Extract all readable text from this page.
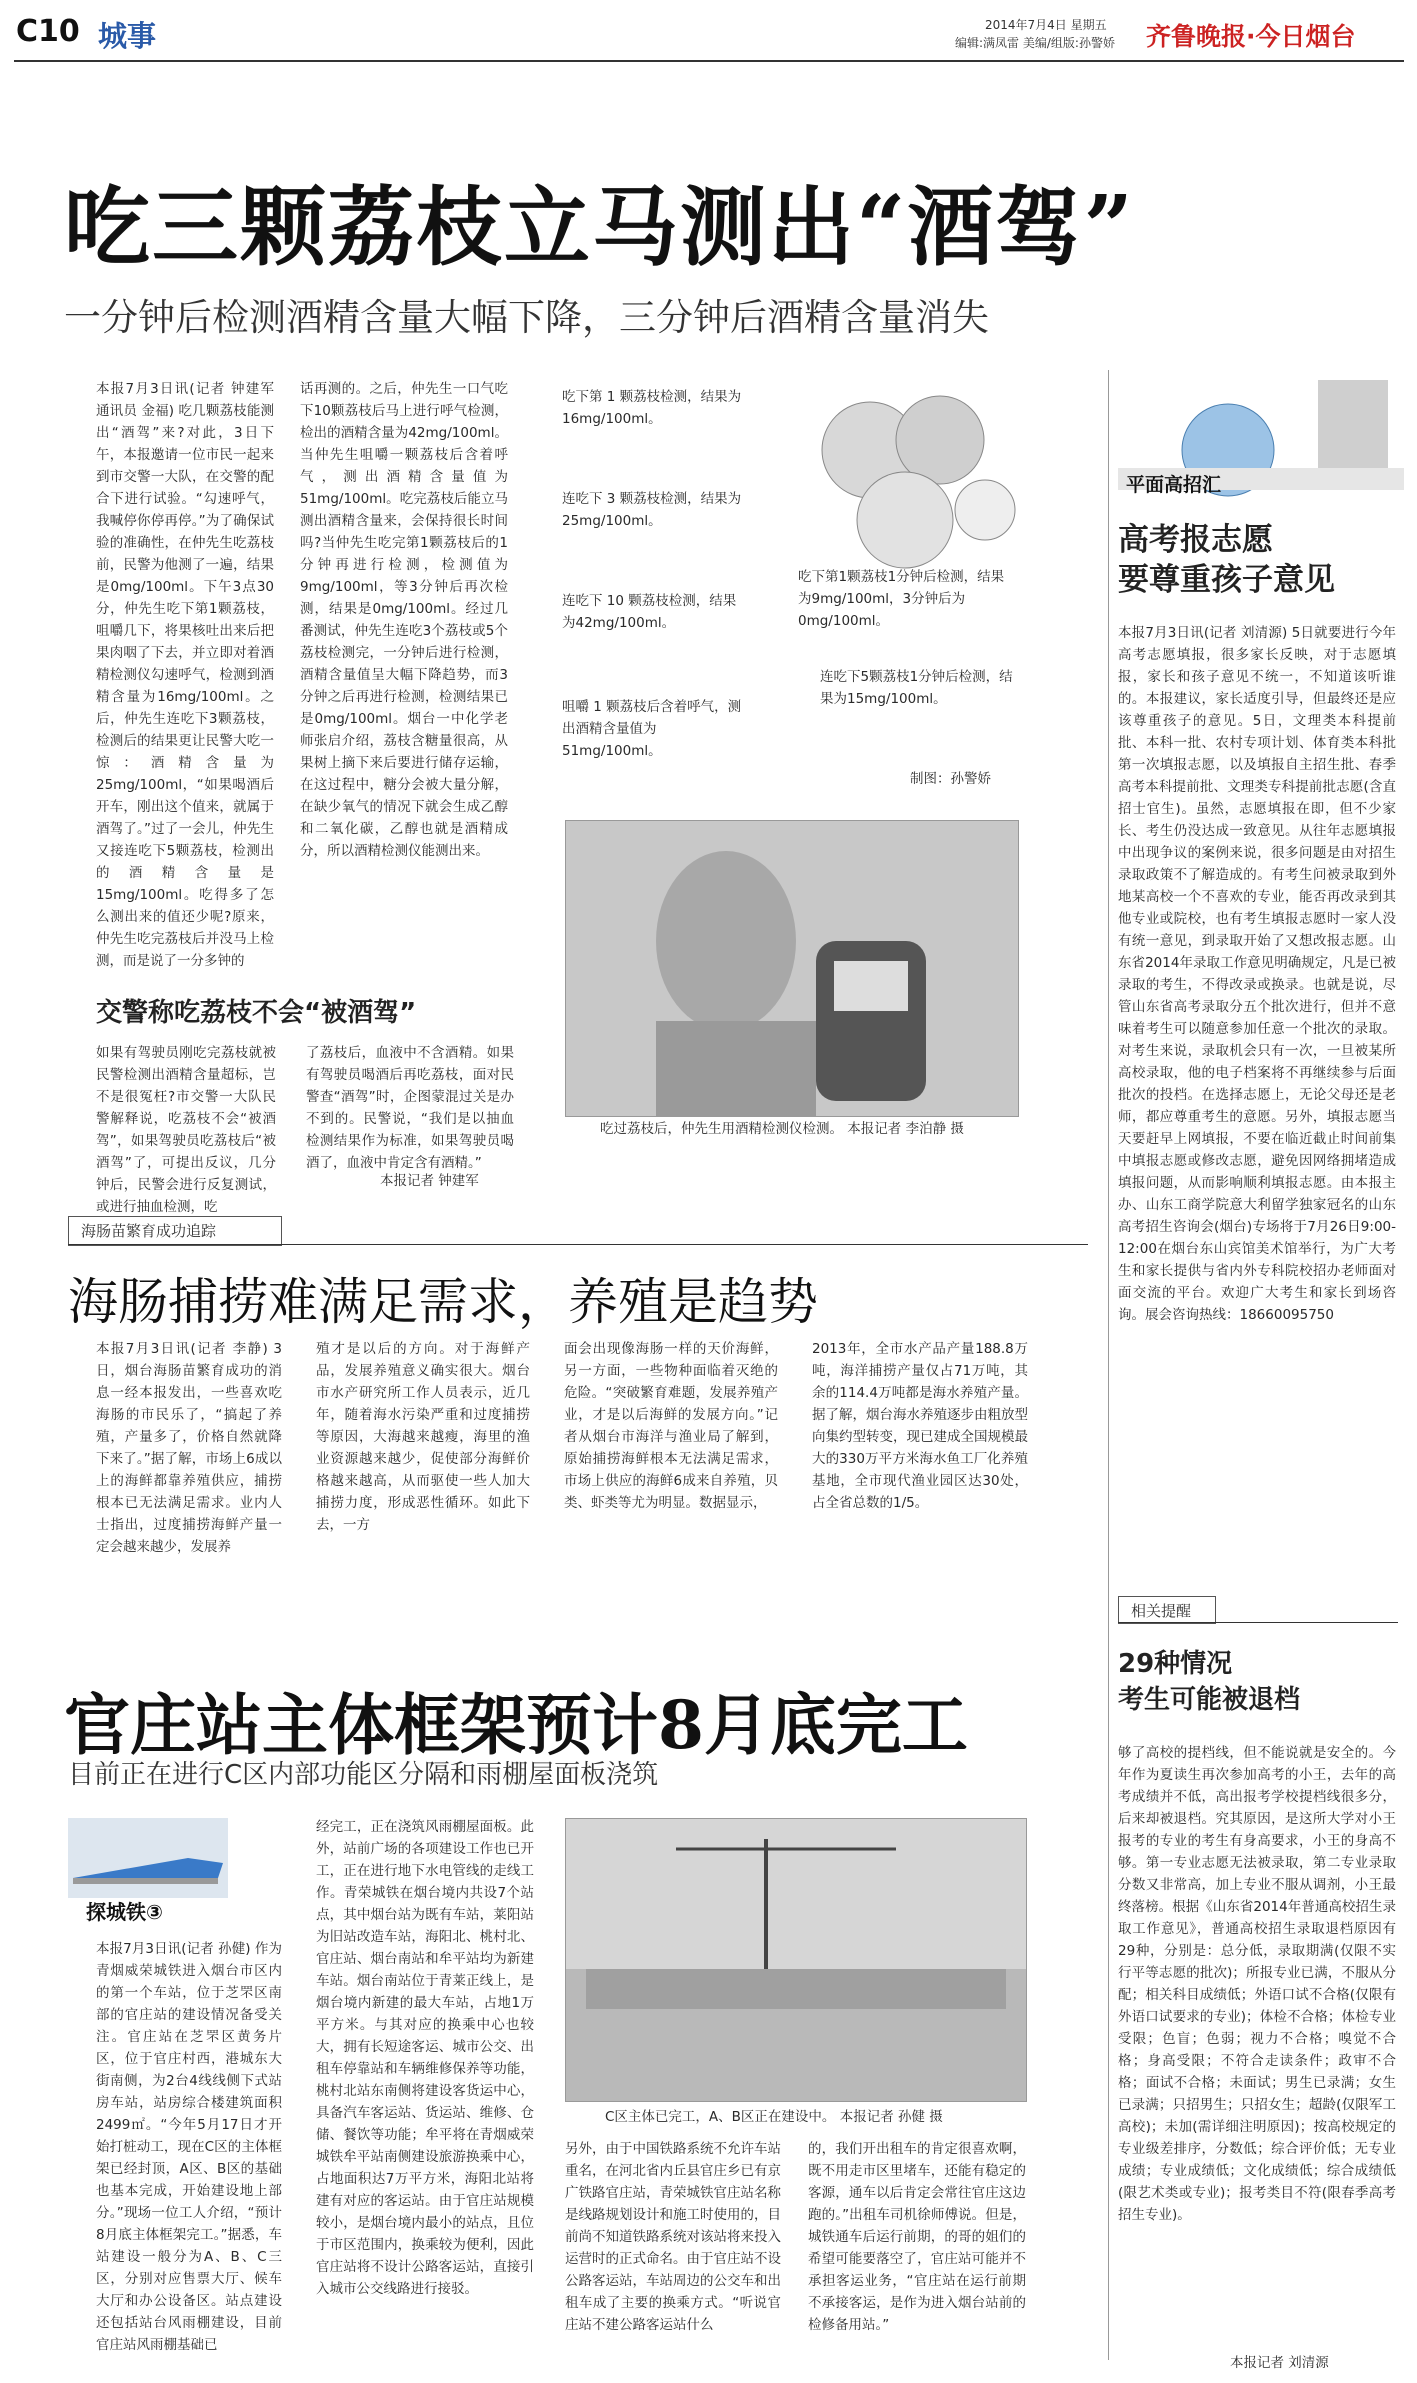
C10 城事	2014年7月4日 星期五
编辑:满凤雷 美编/组版:孙警娇 齐鲁晚报·今日烟台
吃三颗荔枝立马测出“酒驾”
一分钟后检测酒精含量大幅下降，三分钟后酒精含量消失
本报7月3日讯(记者 钟建军 通讯员 金福) 吃几颗荔枝能测出“酒驾”来?对此，3日下午，本报邀请一位市民一起来到市交警一大队，在交警的配合下进行试验。“勾速呼气，我喊停你停再停。”为了确保试验的准确性，在仲先生吃荔枝前，民警为他测了一遍，结果是0mg/100ml。下午3点30分，仲先生吃下第1颗荔枝，咀嚼几下，将果核吐出来后把果肉咽了下去，并立即对着酒精检测仪勾速呼气，检测到酒精含量为16mg/100ml。之后，仲先生连吃下3颗荔枝，检测后的结果更让民警大吃一惊：酒精含量为25mg/100ml，“如果喝酒后开车，刚出这个值来，就属于酒驾了。”过了一会儿，仲先生又接连吃下5颗荔枝，检测出的酒精含量是15mg/100ml。吃得多了怎么测出来的值还少呢?原来，仲先生吃完荔枝后并没马上检测，而是说了一分多钟的
话再测的。之后，仲先生一口气吃下10颗荔枝后马上进行呼气检测，检出的酒精含量为42mg/100ml。当仲先生咀嚼一颗荔枝后含着呼气，测出酒精含量值为51mg/100ml。吃完荔枝后能立马测出酒精含量来，会保持很长时间吗?当仲先生吃完第1颗荔枝后的1分钟再进行检测，检测值为9mg/100ml，等3分钟后再次检测，结果是0mg/100ml。经过几番测试，仲先生连吃3个荔枝或5个荔枝检测完，一分钟后进行检测，酒精含量值呈大幅下降趋势，而3分钟之后再进行检测，检测结果已是0mg/100ml。烟台一中化学老师张启介绍，荔枝含糖量很高，从果树上摘下来后要进行储存运输，在这过程中，糖分会被大量分解，在缺少氧气的情况下就会生成乙醇和二氧化碳，乙醇也就是酒精成分，所以酒精检测仪能测出来。
吃下第 1 颗荔枝检测，结果为16mg/100ml。
连吃下 3 颗荔枝检测，结果为25mg/100ml。
连吃下 10 颗荔枝检测，结果为42mg/100ml。
咀嚼 1 颗荔枝后含着呼气，测出酒精含量值为51mg/100ml。
吃下第1颗荔枝1分钟后检测，结果为9mg/100ml，3分钟后为0mg/100ml。
连吃下5颗荔枝1分钟后检测，结果为15mg/100ml。
制图：孙警娇
吃过荔枝后，仲先生用酒精检测仪检测。 本报记者 李泊静 摄
交警称吃荔枝不会“被酒驾”
如果有驾驶员刚吃完荔枝就被民警检测出酒精含量超标，岂不是很冤枉?市交警一大队民警解释说，吃荔枝不会“被酒驾”，如果驾驶员吃荔枝后“被酒驾”了，可提出反议，几分钟后，民警会进行反复测试，或进行抽血检测，吃
了荔枝后，血液中不含酒精。如果有驾驶员喝酒后再吃荔枝，面对民警查“酒驾”时，企图蒙混过关是办不到的。民警说，“我们是以抽血检测结果作为标准，如果驾驶员喝酒了，血液中肯定含有酒精。”
本报记者 钟建军
海肠苗繁育成功追踪
海肠捕捞难满足需求，养殖是趋势
本报7月3日讯(记者 李静) 3日，烟台海肠苗繁育成功的消息一经本报发出，一些喜欢吃海肠的市民乐了，“搞起了养殖，产量多了，价格自然就降下来了。”据了解，市场上6成以上的海鲜都靠养殖供应，捕捞根本已无法满足需求。业内人士指出，过度捕捞海鲜产量一定会越来越少，发展养
殖才是以后的方向。对于海鲜产品，发展养殖意义确实很大。烟台市水产研究所工作人员表示，近几年，随着海水污染严重和过度捕捞等原因，大海越来越瘦，海里的渔业资源越来越少，促使部分海鲜价格越来越高，从而驱使一些人加大捕捞力度，形成恶性循环。如此下去，一方
面会出现像海肠一样的天价海鲜，另一方面，一些物种面临着灭绝的危险。“突破繁育难题，发展养殖产业，才是以后海鲜的发展方向。”记者从烟台市海洋与渔业局了解到，原始捕捞海鲜根本无法满足需求，市场上供应的海鲜6成来自养殖，贝类、虾类等尤为明显。数据显示，
2013年，全市水产品产量188.8万吨，海洋捕捞产量仅占71万吨，其余的114.4万吨都是海水养殖产量。据了解，烟台海水养殖逐步由粗放型向集约型转变，现已建成全国规模最大的330万平方米海水鱼工厂化养殖基地，全市现代渔业园区达30处，占全省总数的1/5。
官庄站主体框架预计8月底完工
目前正在进行C区内部功能区分隔和雨棚屋面板浇筑
探城铁③
本报7月3日讯(记者 孙健) 作为青烟威荣城铁进入烟台市区内的第一个车站，位于芝罘区南部的官庄站的建设情况备受关注。官庄站在芝罘区黄务片区，位于官庄村西，港城东大街南侧，为2台4线线侧下式站房车站，站房综合楼建筑面积2499㎡。“今年5月17日才开始打桩动工，现在C区的主体框架已经封顶，A区、B区的基础也基本完成，开始建设地上部分。”现场一位工人介绍，“预计8月底主体框架完工。”据悉，车站建设一般分为A、B、C三区，分别对应售票大厅、候车大厅和办公设备区。站点建设还包括站台风雨棚建设，目前官庄站风雨棚基础已
经完工，正在浇筑风雨棚屋面板。此外，站前广场的各项建设工作也已开工，正在进行地下水电管线的走线工作。青荣城铁在烟台境内共设7个站点，其中烟台站为既有车站，莱阳站为旧站改造车站，海阳北、桃村北、官庄站、烟台南站和牟平站均为新建车站。烟台南站位于青莱正线上，是烟台境内新建的最大车站，占地1万平方米。与其对应的换乘中心也较大，拥有长短途客运、城市公交、出租车停靠站和车辆维修保养等功能，桃村北站东南侧将建设客货运中心，具备汽车客运站、货运站、维修、仓储、餐饮等功能；牟平将在青烟威荣城铁牟平站南侧建设旅游换乘中心，占地面积达7万平方米，海阳北站将建有对应的客运站。由于官庄站规模较小，是烟台境内最小的站点，且位于市区范围内，换乘较为便利，因此官庄站将不设计公路客运站，直接引入城市公交线路进行接驳。
C区主体已完工，A、B区正在建设中。 本报记者 孙健 摄
另外，由于中国铁路系统不允许车站重名，在河北省内丘县官庄乡已有京广铁路官庄站，青荣城铁官庄站名称是线路规划设计和施工时使用的，目前尚不知道铁路系统对该站将来投入运营时的正式命名。由于官庄站不设公路客运站，车站周边的公交车和出租车成了主要的换乘方式。“听说官庄站不建公路客运站什么
的，我们开出租车的肯定很喜欢啊，既不用走市区里堵车，还能有稳定的客源，通车以后肯定会常往官庄这边跑的。”出租车司机徐师傅说。但是，城铁通车后运行前期，的哥的姐们的希望可能要落空了，官庄站可能并不承担客运业务，“官庄站在运行前期不承接客运，是作为进入烟台站前的检修备用站。”
平面高招汇
高考报志愿
要尊重孩子意见
本报7月3日讯(记者 刘清源) 5日就要进行今年高考志愿填报，很多家长反映，对于志愿填报，家长和孩子意见不统一，不知道该听谁的。本报建议，家长适度引导，但最终还是应该尊重孩子的意见。5日，文理类本科提前批、本科一批、农村专项计划、体育类本科批第一次填报志愿，以及填报自主招生批、春季高考本科提前批、文理类专科提前批志愿(含直招士官生)。虽然，志愿填报在即，但不少家长、考生仍没达成一致意见。从往年志愿填报中出现争议的案例来说，很多问题是由对招生录取政策不了解造成的。有考生问被录取到外地某高校一个不喜欢的专业，能否再改录到其他专业或院校，也有考生填报志愿时一家人没有统一意见，到录取开始了又想改报志愿。山东省2014年录取工作意见明确规定，凡是已被录取的考生，不得改录或换录。也就是说，尽管山东省高考录取分五个批次进行，但并不意味着考生可以随意参加任意一个批次的录取。对考生来说，录取机会只有一次，一旦被某所高校录取，他的电子档案将不再继续参与后面批次的投档。在选择志愿上，无论父母还是老师，都应尊重考生的意愿。另外，填报志愿当天要赶早上网填报，不要在临近截止时间前集中填报志愿或修改志愿，避免因网络拥堵造成填报问题，从而影响顺利填报志愿。由本报主办、山东工商学院意大利留学独家冠名的山东高考招生咨询会(烟台)专场将于7月26日9:00-12:00在烟台东山宾馆美术馆举行，为广大考生和家长提供与省内外专科院校招办老师面对面交流的平台。欢迎广大考生和家长到场咨询。展会咨询热线：18660095750
相关提醒
29种情况
考生可能被退档
够了高校的提档线，但不能说就是安全的。今年作为夏读生再次参加高考的小王，去年的高考成绩并不低，高出报考学校提档线很多分，后来却被退档。究其原因，是这所大学对小王报考的专业的考生有身高要求，小王的身高不够。第一专业志愿无法被录取，第二专业录取分数又非常高，加上专业不服从调剂，小王最终落榜。根据《山东省2014年普通高校招生录取工作意见》，普通高校招生录取退档原因有29种，分别是：总分低，录取期满(仅限不实行平等志愿的批次)；所报专业已满，不服从分配；相关科目成绩低；外语口试不合格(仅限有外语口试要求的专业)；体检不合格；体检专业受限；色盲；色弱；视力不合格；嗅觉不合格；身高受限；不符合走读条件；政审不合格；面试不合格；未面试；男生已录满；女生已录满；只招男生；只招女生；超龄(仅限军工高校)；未加(需详细注明原因)；按高校规定的专业级差排序，分数低；综合评价低；无专业成绩；专业成绩低；文化成绩低；综合成绩低(限艺术类或专业)；报考类目不符(限春季高考招生专业)。
本报记者 刘清源
